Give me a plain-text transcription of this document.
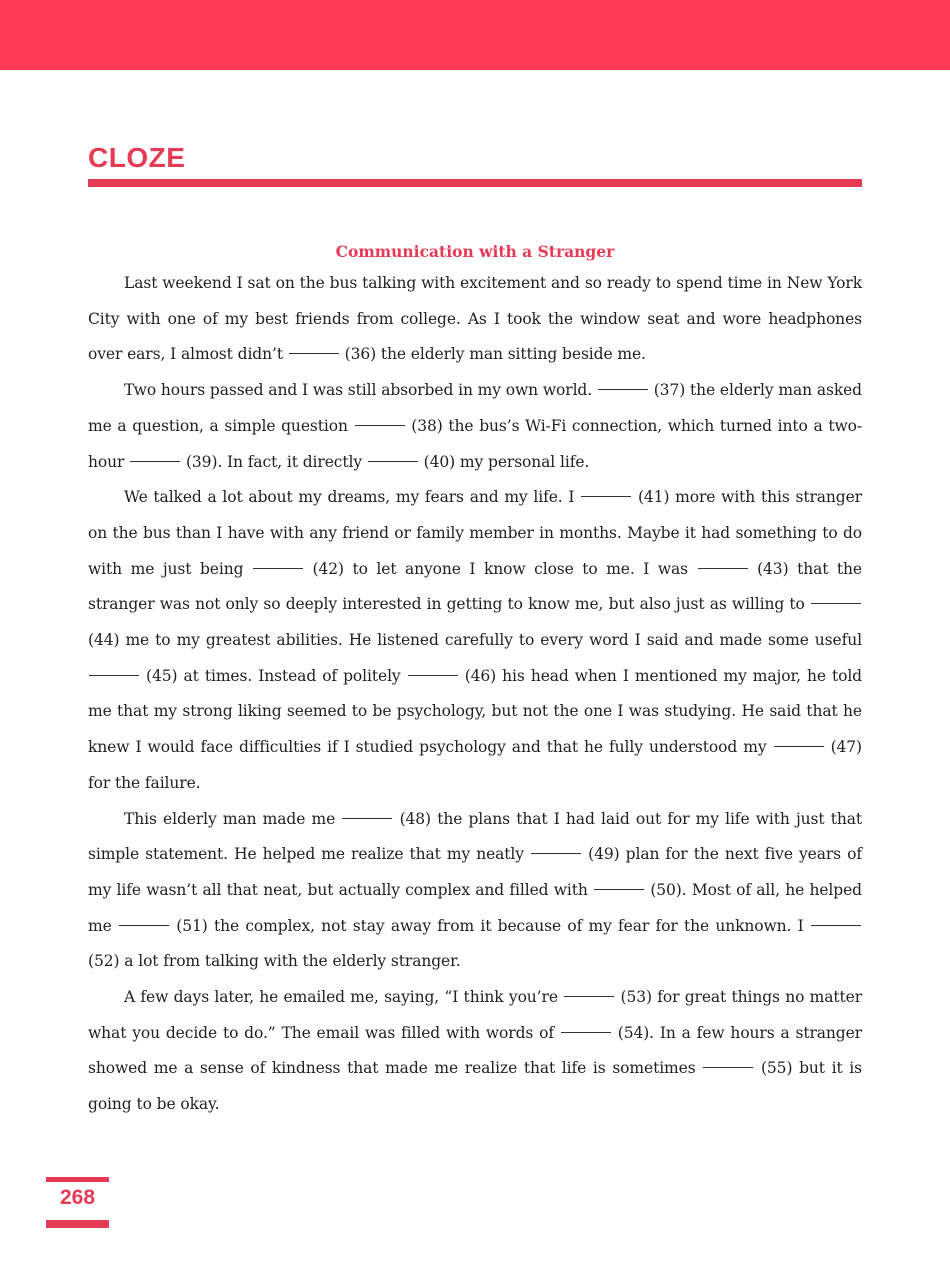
CLOZE

Communication with a Stranger

Last weekend I sat on the bus talking with excitement and so ready to spend time in New York City with one of my best friends from college. As I took the window seat and wore headphones over ears, I almost didn’t	(36) the elderly man sitting beside me.

Two hours passed and I was still absorbed in my own world.	(37) the elderly man asked me a question, a simple question	(38) the bus’s Wi-Fi connection, which turned into a two-hour	(39). In fact, it directly	(40) my personal life.

We talked a lot about my dreams, my fears and my life. I	(41) more with this stranger on the bus than I have with any friend or family member in months. Maybe it had something to do with me just being	(42) to let anyone I know close to me. I was	(43) that the stranger was not only so deeply interested in getting to know me, but also just as willing to  (44) me to my greatest abilities. He listened carefully to every word I said and made some useful  (45) at times. Instead of politely	(46) his head when I mentioned my major, he told me that my strong liking seemed to be psychology, but not the one I was studying. He said that he knew I would face difficulties if I studied psychology and that he fully understood my	(47) for the failure.

This elderly man made me	(48) the plans that I had laid out for my life with just that simple statement. He helped me realize that my neatly	(49) plan for the next five years of my life wasn’t all that neat, but actually complex and filled with	(50). Most of all, he helped me	(51) the complex, not stay away from it because of my fear for the unknown. I  (52) a lot from talking with the elderly stranger.

A few days later, he emailed me, saying, “I think you’re	(53) for great things no matter what you decide to do.” The email was filled with words of	(54). In a few hours a stranger showed me a sense of kindness that made me realize that life is sometimes	(55) but it is going to be okay.

268
